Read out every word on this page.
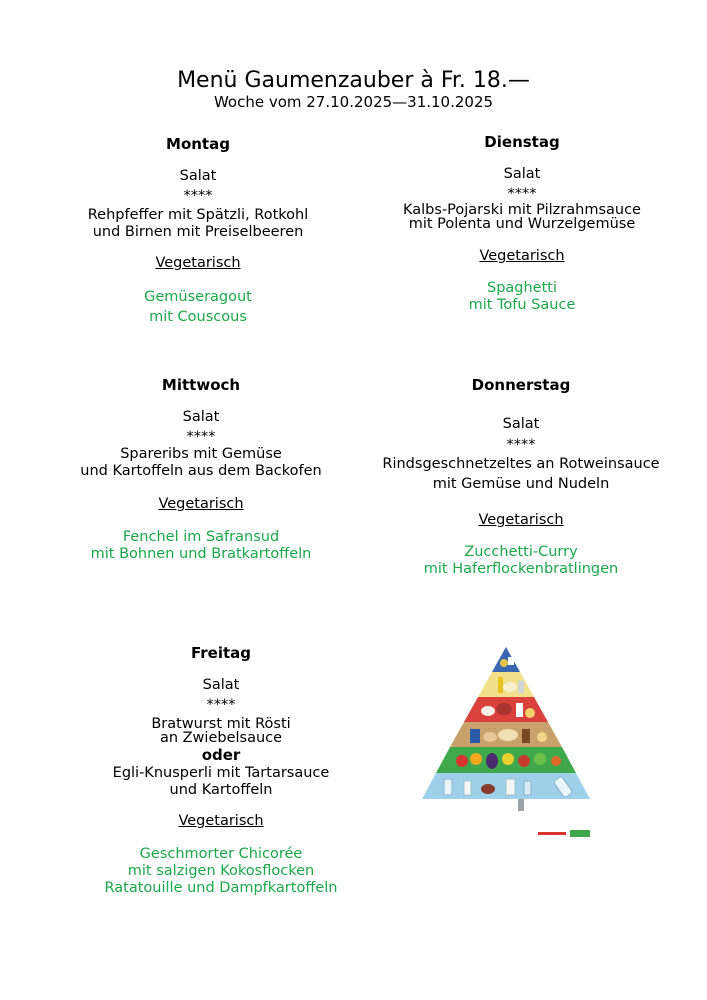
Menü Gaumenzauber à Fr. 18.—
Woche vom 27.10.2025—31.10.2025
Montag
Salat
****
Rehpfeffer mit Spätzli, Rotkohl
und Birnen mit Preiselbeeren
Vegetarisch
Gemüseragout
mit Couscous
Dienstag
Salat
****
Kalbs-Pojarski mit Pilzrahmsauce
mit Polenta und Wurzelgemüse
Vegetarisch
Spaghetti
mit Tofu Sauce
Mittwoch
Salat
****
Spareribs mit Gemüse
und Kartoffeln aus dem Backofen
Vegetarisch
Fenchel im Safransud
mit Bohnen und Bratkartoffeln
Donnerstag
Salat
****
Rindsgeschnetzeltes an Rotweinsauce
mit Gemüse und Nudeln
Vegetarisch
Zucchetti-Curry
mit Haferflockenbratlingen
Freitag
Salat
****
Bratwurst mit Rösti
an Zwiebelsauce
oder
Egli-Knusperli mit Tartarsauce
und Kartoffeln
Vegetarisch
Geschmorter Chicorée
mit salzigen Kokosflocken
Ratatouille und Dampfkartoffeln
